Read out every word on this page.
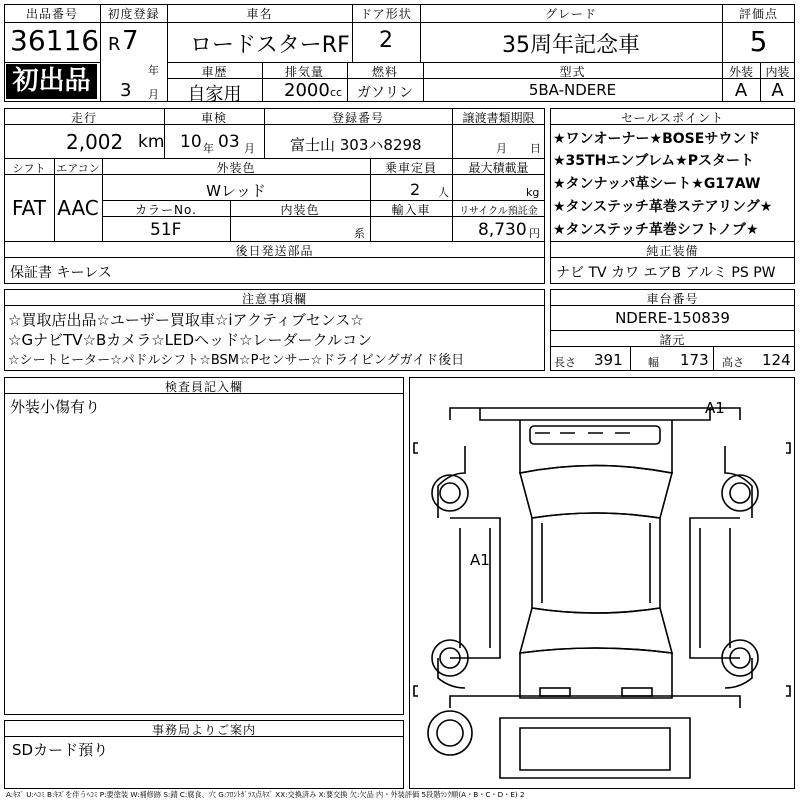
出品番号
36116
初出品
初度登録
R 7
年
3 月
車名
ロードスターRF
ドア形状
2
グレード
35周年記念車
評価点
5
車歴
自家用
排気量
2000 cc
燃料
ガソリン
型式
5BA-NDERE
外装
A
内装
A
走行
2,002 km
車検
10 年 03 月
登録番号
富士山 303ハ8298
譲渡書類期限
月 日
シフト
FAT
エアコン
AAC
外装色
Wレッド
乗車定員
2 人
最大積載量
kg
カラーNo.
51F
内装色
系
輸入車	リサイクル預託金
8,730 円
後日発送部品
保証書 キーレス
セールスポイント
★ワンオーナー★BOSEサウンド
★35THエンブレム★Pスタート
★タンナッパ革シート★G17AW
★タンステッチ革巻ステアリング★
★タンステッチ革巻シフトノブ★
純正装備
ナビ TV カワ エアB アルミ PS PW
注意事項欄
☆買取店出品☆ユーザー買取車☆iアクティブセンス☆
☆GナビTV☆Bカメラ☆LEDヘッド☆レーダークルコン
☆シートヒーター☆パドルシフト☆BSM☆Pセンサー☆ドライビングガイド後日
車台番号
NDERE-150839
諸元
長さ 391 幅 173 高さ 124
検査員記入欄
外装小傷有り	A1
A1
事務局よりご案内
SDカード預り
A:ｷｽﾞ U:ﾍｺﾐ B:ｷｽﾞを伴うﾍｺﾐ P:要塗装 W:補修跡 S:錆 C:腐食、穴 G:ﾌﾛﾝﾄｶﾞﾗｽ点ｷｽﾞ XX:交換済み X:要交換 欠:欠品 内・外装評価 5段階ﾗﾝｸ順(A・B・C・D・E) 2
